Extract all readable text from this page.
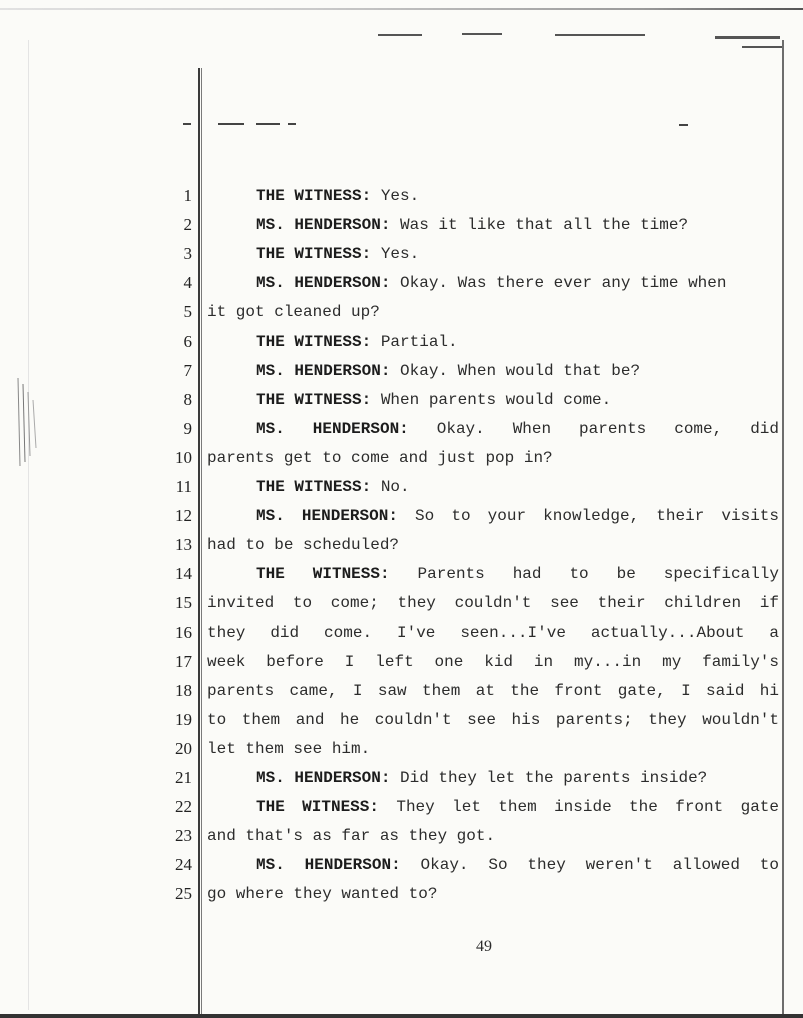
1	THE WITNESS: Yes.
2	MS. HENDERSON: Was it like that all the time?
3	THE WITNESS: Yes.
4	MS. HENDERSON: Okay. Was there ever any time when
5 it got cleaned up?
6	THE WITNESS: Partial.
7	MS. HENDERSON: Okay. When would that be?
8	THE WITNESS: When parents would come.
9	MS. HENDERSON: Okay. When parents come, did
10 parents get to come and just pop in?
11	THE WITNESS: No.
12	MS. HENDERSON: So to your knowledge, their visits
13 had to be scheduled?
14	THE WITNESS: Parents had to be specifically
15 invited to come; they couldn't see their children if
16 they did come. I've seen...I've actually...About a
17 week before I left one kid in my...in my family's
18 parents came, I saw them at the front gate, I said hi
19 to them and he couldn't see his parents; they wouldn't
20 let them see him.
21	MS. HENDERSON: Did they let the parents inside?
22	THE WITNESS: They let them inside the front gate
23 and that's as far as they got.
24	MS. HENDERSON: Okay. So they weren't allowed to
25 go where they wanted to?
49
